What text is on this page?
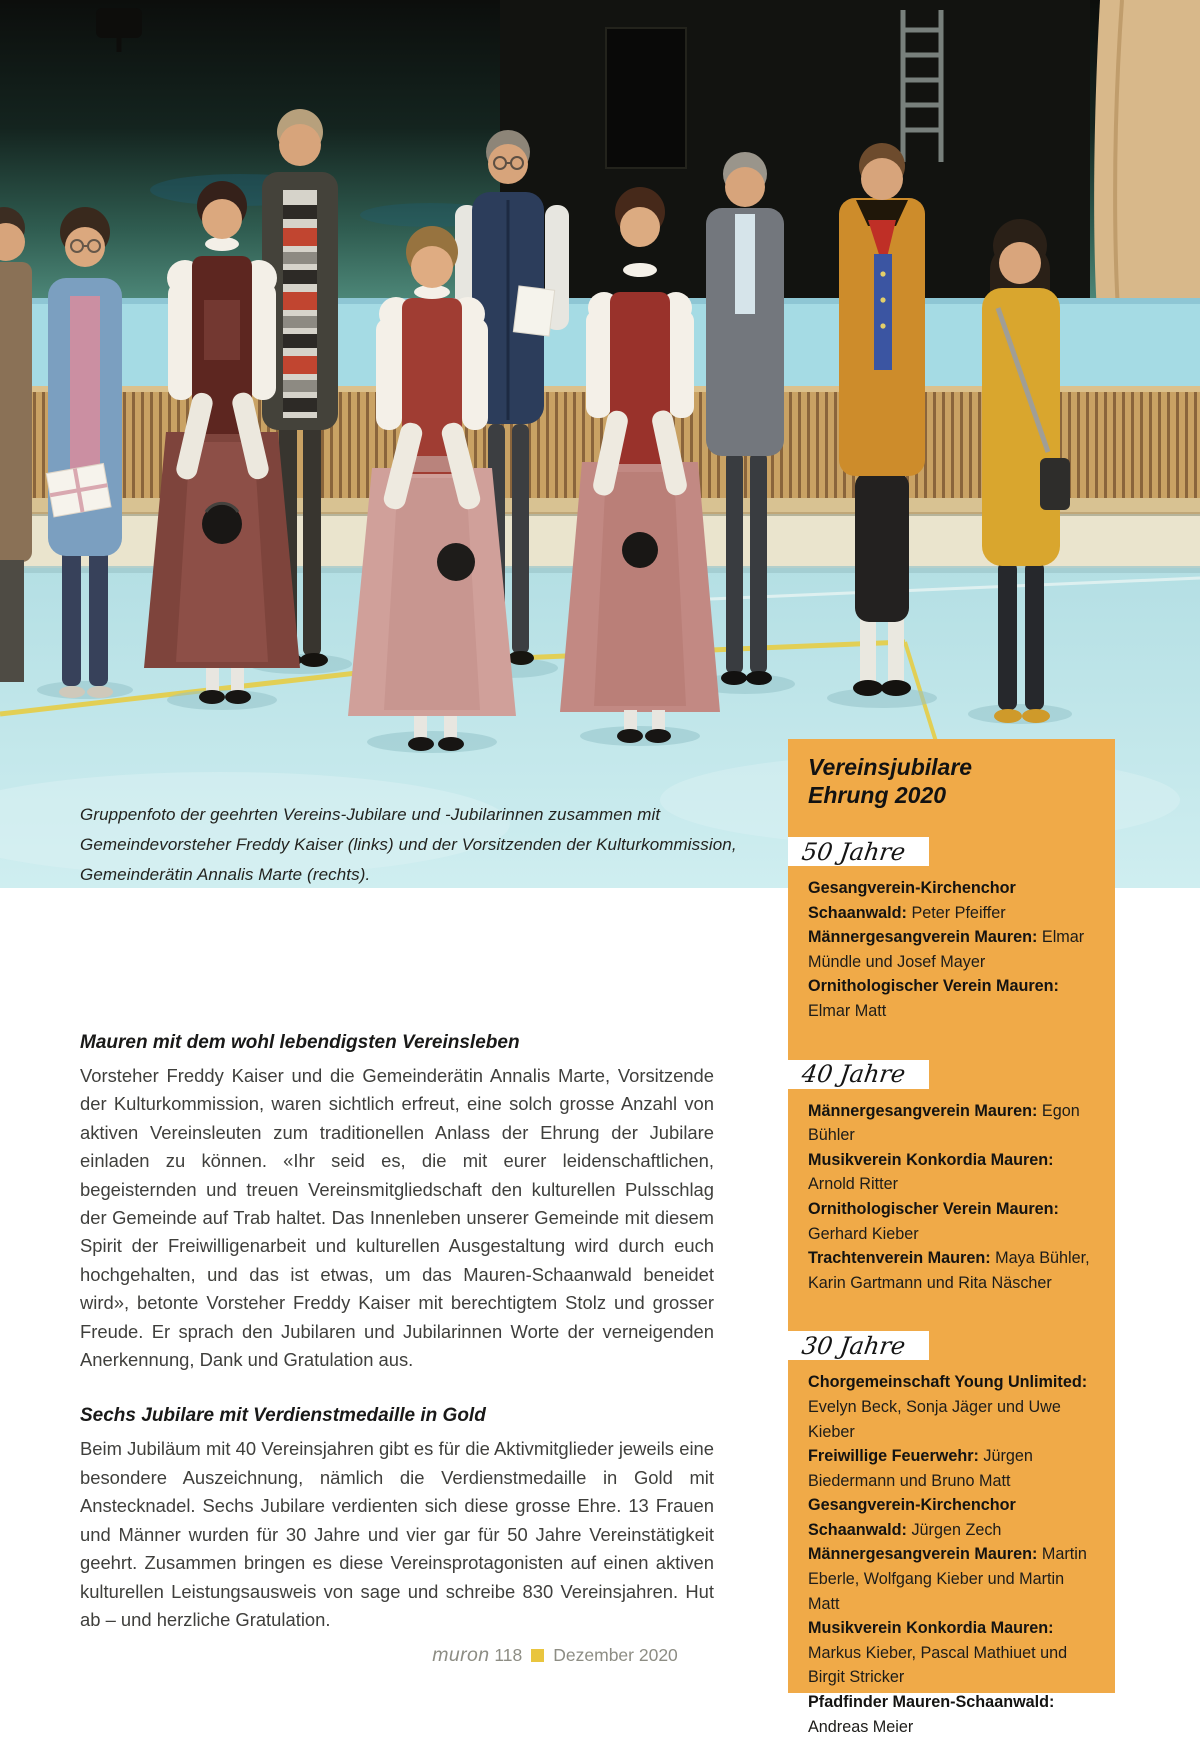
Gruppenfoto der geehrten Vereins-Jubilare und -Jubilarinnen zusammen mit
Gemeindevorsteher Freddy Kaiser (links) und der Vorsitzenden der Kulturkommission,
Gemeinderätin Annalis Marte (rechts).
Mauren mit dem wohl lebendigsten Vereinsleben

Vorsteher Freddy Kaiser und die Gemeinderätin Annalis Marte, Vorsitzende der Kulturkommission, waren sichtlich erfreut, eine solch grosse Anzahl von aktiven Vereinsleuten zum traditionellen Anlass der Ehrung der Jubilare einladen zu können. «Ihr seid es, die mit eurer leidenschaftlichen, begeisternden und treuen Vereinsmitgliedschaft den kulturellen Pulsschlag der Gemeinde auf Trab haltet. Das Innenleben unserer Gemeinde mit diesem Spirit der Freiwilligenarbeit und kulturellen Ausgestaltung wird durch euch hochgehalten, und das ist etwas, um das Mauren-Schaanwald beneidet wird», betonte Vorsteher Freddy Kaiser mit berechtigtem Stolz und grosser Freude. Er sprach den Jubilaren und Jubilarinnen Worte der verneigenden Anerkennung, Dank und Gratulation aus.

Sechs Jubilare mit Verdienstmedaille in Gold

Beim Jubiläum mit 40 Vereinsjahren gibt es für die Aktivmitglieder jeweils eine besondere Auszeichnung, nämlich die Verdienstmedaille in Gold mit Anstecknadel. Sechs Jubilare verdienten sich diese grosse Ehre. 13 Frauen und Männer wurden für 30 Jahre und vier gar für 50 Jahre Vereinstätigkeit geehrt. Zusammen bringen es diese Vereinsprotagonisten auf einen aktiven kulturellen Leistungsausweis von sage und schreibe 830 Vereinsjahren. Hut ab – und herzliche Gratulation.

Vereinsjubilare
Ehrung 2020
50 Jahre
Gesangverein-Kirchenchor Schaanwald: Peter Pfeiffer
Männergesangverein Mauren: Elmar Mündle und Josef Mayer
Ornithologischer Verein Mauren: Elmar Matt
40 Jahre
Männergesangverein Mauren: Egon Bühler
Musikverein Konkordia Mauren: Arnold Ritter
Ornithologischer Verein Mauren: Gerhard Kieber
Trachtenverein Mauren: Maya Bühler, Karin Gartmann und Rita Näscher
30 Jahre
Chorgemeinschaft Young Unlimited: Evelyn Beck, Sonja Jäger und Uwe Kieber
Freiwillige Feuerwehr: Jürgen Biedermann und Bruno Matt
Gesangverein-Kirchenchor Schaanwald: Jürgen Zech
Männergesangverein Mauren: Martin Eberle, Wolfgang Kieber und Martin Matt
Musikverein Konkordia Mauren: Markus Kieber, Pascal Mathiuet und Birgit Stricker
Pfadfinder Mauren-Schaanwald: Andreas Meier
muron 118 Dezember 2020
